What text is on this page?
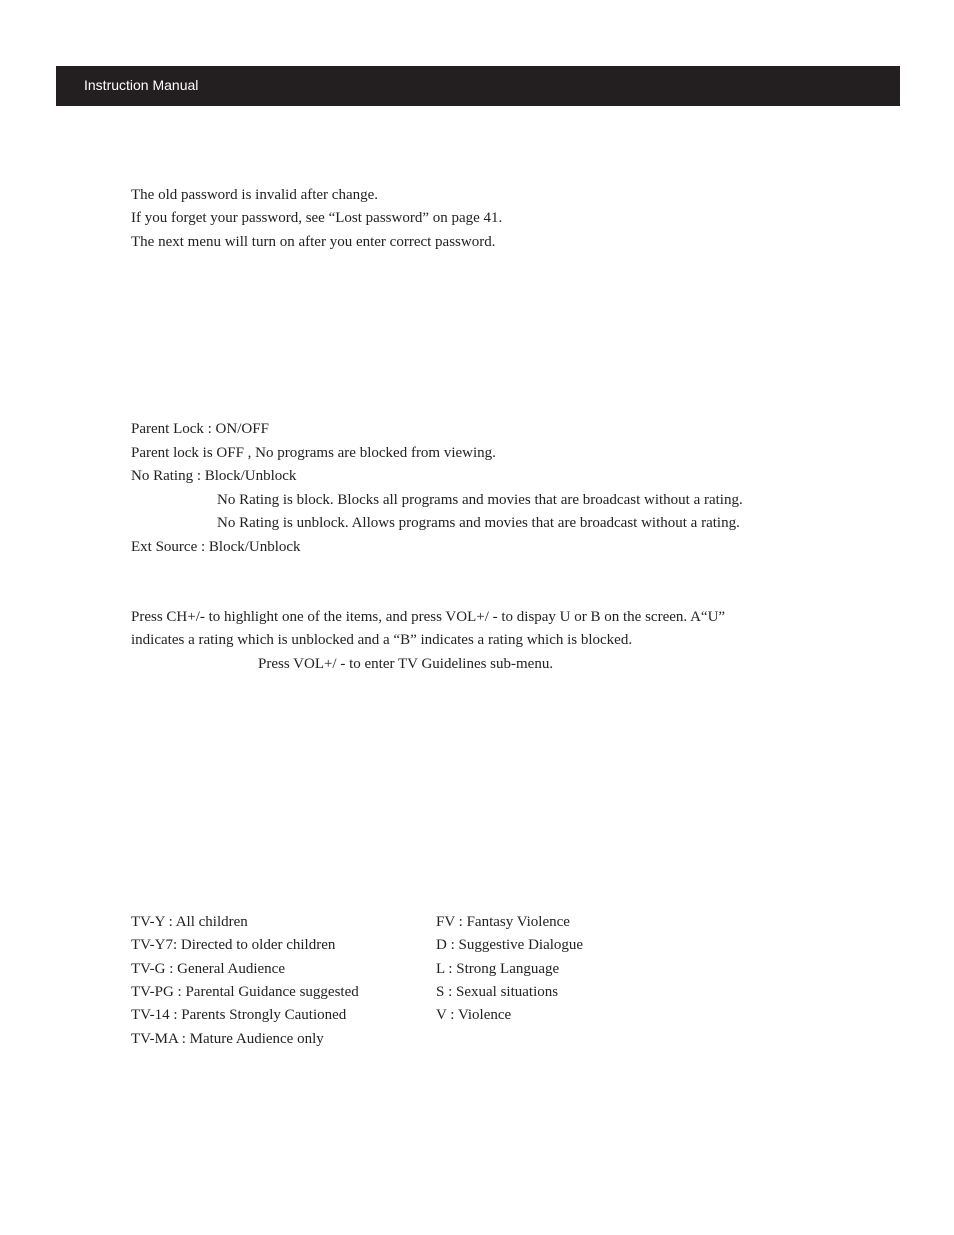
Instruction Manual

The old password is invalid after change.

If you forget your password, see “Lost password” on page 41.

The next menu will turn on after you enter correct password.

Parent Lock : ON/OFF

Parent lock is OFF , No programs are blocked from viewing.

No Rating : Block/Unblock

No Rating is block. Blocks all programs and movies that are broadcast without a rating.

No Rating is unblock. Allows programs and movies that are broadcast without a rating.

Ext Source : Block/Unblock

Press CH+/- to highlight one of the items, and press VOL+/ - to dispay U or B on the screen. A“U”

indicates a rating which is unblocked and a “B” indicates a rating which is blocked.

Press VOL+/ - to enter TV Guidelines sub-menu.

TV-Y : All children

TV-Y7: Directed to older children

TV-G : General Audience

TV-PG : Parental Guidance suggested

TV-14 : Parents Strongly Cautioned

TV-MA : Mature Audience only

FV : Fantasy Violence

D : Suggestive Dialogue

L : Strong Language

S : Sexual situations

V : Violence
